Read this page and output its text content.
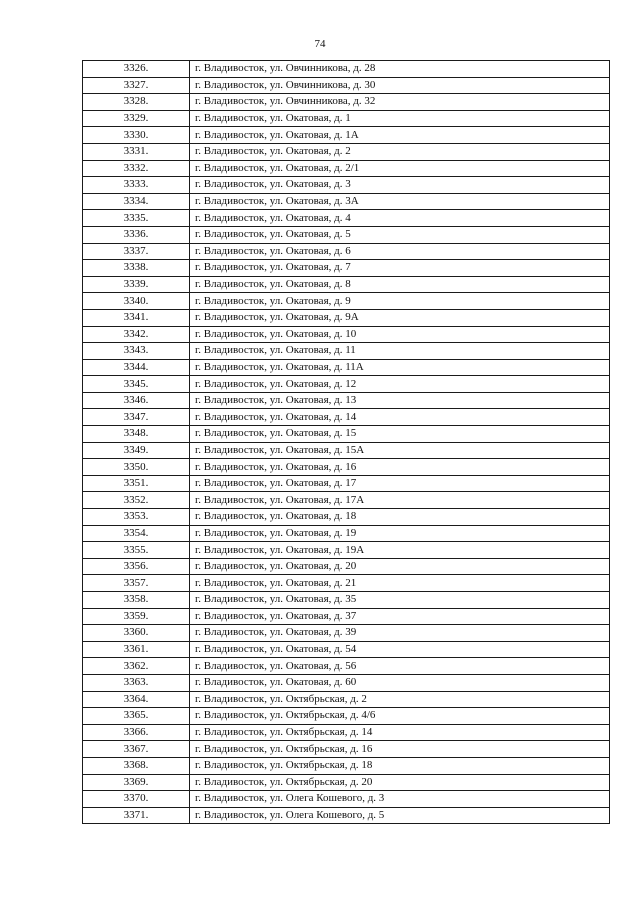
74
3326.	г. Владивосток, ул. Овчинникова, д. 28
3327.	г. Владивосток, ул. Овчинникова, д. 30
3328.	г. Владивосток, ул. Овчинникова, д. 32
3329.	г. Владивосток, ул. Окатовая, д. 1
3330.	г. Владивосток, ул. Окатовая, д. 1А
3331.	г. Владивосток, ул. Окатовая, д. 2
3332.	г. Владивосток, ул. Окатовая, д. 2/1
3333.	г. Владивосток, ул. Окатовая, д. 3
3334.	г. Владивосток, ул. Окатовая, д. 3А
3335.	г. Владивосток, ул. Окатовая, д. 4
3336.	г. Владивосток, ул. Окатовая, д. 5
3337.	г. Владивосток, ул. Окатовая, д. 6
3338.	г. Владивосток, ул. Окатовая, д. 7
3339.	г. Владивосток, ул. Окатовая, д. 8
3340.	г. Владивосток, ул. Окатовая, д. 9
3341.	г. Владивосток, ул. Окатовая, д. 9А
3342.	г. Владивосток, ул. Окатовая, д. 10
3343.	г. Владивосток, ул. Окатовая, д. 11
3344.	г. Владивосток, ул. Окатовая, д. 11А
3345.	г. Владивосток, ул. Окатовая, д. 12
3346.	г. Владивосток, ул. Окатовая, д. 13
3347.	г. Владивосток, ул. Окатовая, д. 14
3348.	г. Владивосток, ул. Окатовая, д. 15
3349.	г. Владивосток, ул. Окатовая, д. 15А
3350.	г. Владивосток, ул. Окатовая, д. 16
3351.	г. Владивосток, ул. Окатовая, д. 17
3352.	г. Владивосток, ул. Окатовая, д. 17А
3353.	г. Владивосток, ул. Окатовая, д. 18
3354.	г. Владивосток, ул. Окатовая, д. 19
3355.	г. Владивосток, ул. Окатовая, д. 19А
3356.	г. Владивосток, ул. Окатовая, д. 20
3357.	г. Владивосток, ул. Окатовая, д. 21
3358.	г. Владивосток, ул. Окатовая, д. 35
3359.	г. Владивосток, ул. Окатовая, д. 37
3360.	г. Владивосток, ул. Окатовая, д. 39
3361.	г. Владивосток, ул. Окатовая, д. 54
3362.	г. Владивосток, ул. Окатовая, д. 56
3363.	г. Владивосток, ул. Окатовая, д. 60
3364.	г. Владивосток, ул. Октябрьская, д. 2
3365.	г. Владивосток, ул. Октябрьская, д. 4/6
3366.	г. Владивосток, ул. Октябрьская, д. 14
3367.	г. Владивосток, ул. Октябрьская, д. 16
3368.	г. Владивосток, ул. Октябрьская, д. 18
3369.	г. Владивосток, ул. Октябрьская, д. 20
3370.	г. Владивосток, ул. Олега Кошевого, д. 3
3371.	г. Владивосток, ул. Олега Кошевого, д. 5
